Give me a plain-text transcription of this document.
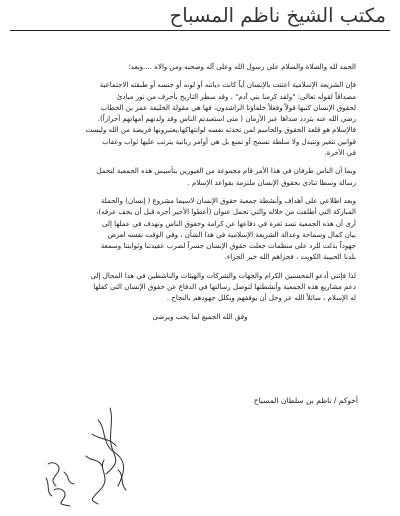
مكتب الشيخ ناظم المسباح
الحمد لله والصلاة والسلام على رسول الله وعلى آله وصحبه ومن والاه ....وبعد؛
فإن الشريعة الإسلامية اعتنت بالإنسان أياً كانت ديانته أو لونه أو جنسه أو طبقته الاجتماعية
مصداقاً لقوله تعالى: "ولقد كرمنا بني آدم" ، وقد سطر التاريخ بأحرف من نور مبادئ
لحقوق الإنسان كتبها قولاً وفعلاً خلفاؤنا الراشدون، فها هي مقولة الخليفة عمر بن الخطاب
رضي الله عنه يتردد صداها عبر الأزمان ( متى استعبدتم الناس وقد ولدتهم أمهاتهم أحراراً).
فالإسلام هو قلعة الحقوق والحاسم لمن تحدثه نفسه لوانتهاكها،يعتبرونها فريضة من الله وليست
قوانين تتغير وتتبدل ولا سلطة تسمح أو تمنع بل هي أوامر ربانية يترتب عليها ثواب وعقاب
في الآخرة.
وبما أن الناس طرفان في هذا الأمر قام مجموعة من الغيورين بتأسيس هذه الجمعية لتحمل
رسالة وسطا تنادي بحقوق الإنسان ملتزمة بقواعد الإسلام .
وبعد اطلاعي على أهداف وأنشطة جمعية حقوق الإنسان لاسيما مشروع ( إنسان) والحملة
المباركة التي أطلقت من خلاله والتي تحمل عنوان (أعطوا الأجير أجره قبل أن يجف عرقه)،
أرى أن هذه الجمعية تسد ثغرة في دفاعها عن كرامة وحقوق الناس وتهدف في عملها إلى
بيان كمال وسماحة وعدالة الشريعة الإسلامية في هذا الشأن ، وفي الوقت نفسه لعرض
جهوداً بذلت للرد على منظمات جعلت حقوق الإنسان جسراً لضرب عقيدتنا وثوابتنا وسمعة
بلدنا الحبيبة الكويت ، فجزاهم الله خير الجزاء.
لذا فإنني أدعو المحسنين الكرام والجهات والشركات والهيئات والناشطين في هذا المجال إلى
دعم مشاريع هذه الجمعية وأنشطتها لتوصل رسالتها في الدفاع عن حقوق الإنسان التي كفلها
له الإسلام ، سائلاً الله عز وجل أن يوفقهم ويكلل جهودهم بالنجاح .
وفق الله الجميع لما يحب ويرضى
أخوكم / ناظم بن سلطان المسباح
